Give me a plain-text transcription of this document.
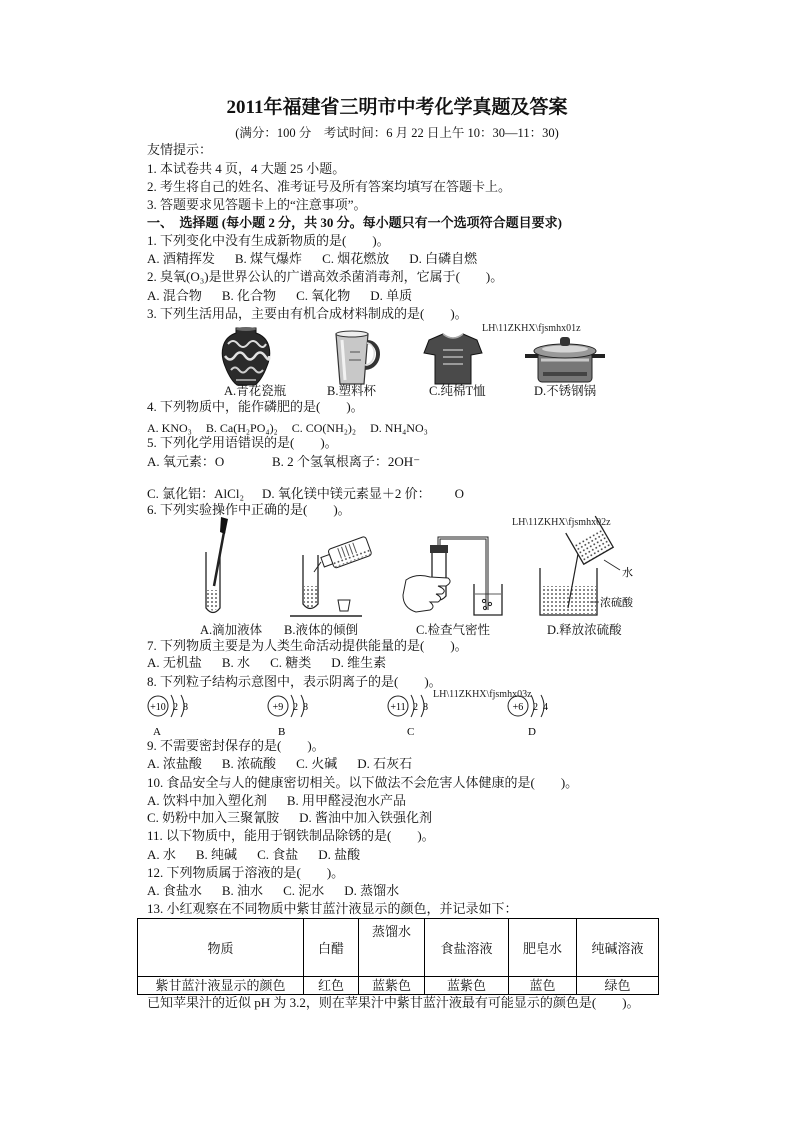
2011年福建省三明市中考化学真题及答案
(满分：100 分　考试时间：6 月 22 日上午 10：30—11：30)
友情提示：
1. 本试卷共 4 页，4 大题 25 小题。
2. 考生将自己的姓名、准考证号及所有答案均填写在答题卡上。
3. 答题要求见答题卡上的“注意事项”。
一、　选择题 (每小题 2 分，共 30 分。每小题只有一个选项符合题目要求)
1. 下列变化中没有生成新物质的是(　　)。
A. 酒精挥发 B. 煤气爆炸 C. 烟花燃放 D. 白磷自燃
2. 臭氧(O₃)是世界公认的广谱高效杀菌消毒剂，它属于(　　)。
A. 混合物 B. 化合物 C. 氧化物 D. 单质
3. 下列生活用品，主要由有机合成材料制成的是(　　)。
LH\11ZKHX\fjsmhx01z
A.青花瓷瓶	B.塑料杯	C.纯棉T恤	D.不锈钢锅
4. 下列物质中，能作磷肥的是(　　)。
A. KNO₃ B. Ca(H₂PO₄)₂ C. CO(NH₂)₂ D. NH₄NO₃
5. 下列化学用语错误的是(　　)。
A. 氧元素：O	B. 2 个氢氧根离子：2OH⁻
C. 氯化铝：AlCl₂ D. 氧化镁中镁元素显＋2 价： O
6. 下列实验操作中正确的是(　　)。
LH\11ZKHX\fjsmhx02z
水
浓硫酸
A.滴加液体 B.液体的倾倒	C.检查气密性	D.释放浓硫酸
7. 下列物质主要是为人类生命活动提供能量的是(　　)。
A. 无机盐 B. 水 C. 糖类 D. 维生素
8. 下列粒子结构示意图中，表示阴离子的是(　　)。
LH\11ZKHX\fjsmhx03z
+10 2 8
A
+9 2 8
B
+11 2 8
C
+6 2 4
D
9. 不需要密封保存的是(　　)。
A. 浓盐酸 B. 浓硫酸 C. 火碱 D. 石灰石
10. 食品安全与人的健康密切相关。以下做法不会危害人体健康的是(　　)。
A. 饮料中加入塑化剂 B. 用甲醛浸泡水产品
C. 奶粉中加入三聚氰胺 D. 酱油中加入铁强化剂
11. 以下物质中，能用于钢铁制品除锈的是(　　)。
A. 水 B. 纯碱 C. 食盐 D. 盐酸
12. 下列物质属于溶液的是(　　)。
A. 食盐水 B. 油水 C. 泥水 D. 蒸馏水
13. 小红观察在不同物质中紫甘蓝汁液显示的颜色，并记录如下：
物质	白醋	蒸馏水	食盐溶液	肥皂水	纯碱溶液
紫甘蓝汁液显示的颜色	红色	蓝紫色	蓝紫色	蓝色	绿色
已知苹果汁的近似 pH 为 3.2，则在苹果汁中紫甘蓝汁液最有可能显示的颜色是(　　)。
